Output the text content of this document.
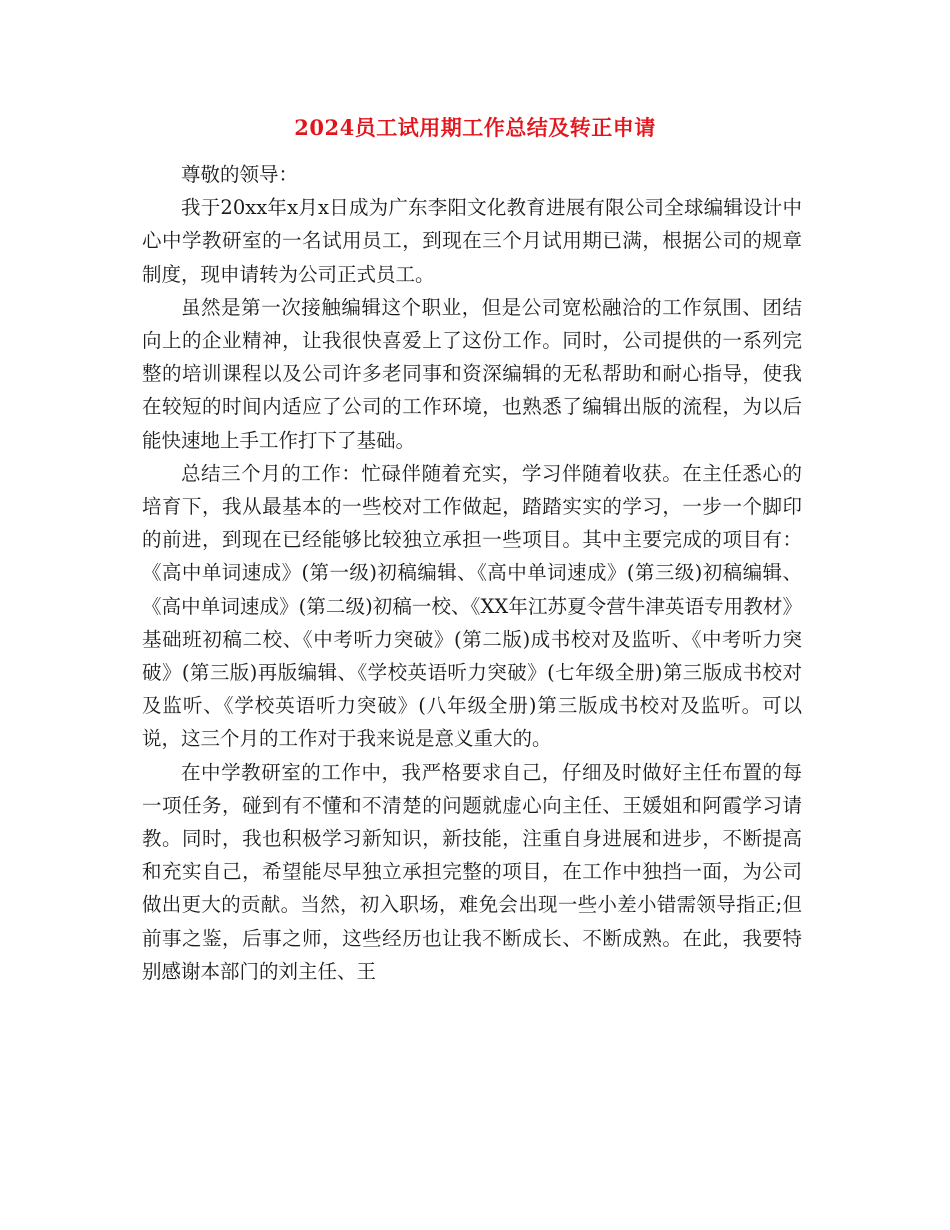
2024员工试用期工作总结及转正申请

尊敬的领导：

我于20xx年x月x日成为广东李阳文化教育进展有限公司全球编辑设计中心中学教研室的一名试用员工，到现在三个月试用期已满，根据公司的规章制度，现申请转为公司正式员工。

虽然是第一次接触编辑这个职业，但是公司宽松融洽的工作氛围、团结向上的企业精神，让我很快喜爱上了这份工作。同时，公司提供的一系列完整的培训课程以及公司许多老同事和资深编辑的无私帮助和耐心指导，使我在较短的时间内适应了公司的工作环境，也熟悉了编辑出版的流程，为以后能快速地上手工作打下了基础。

总结三个月的工作：忙碌伴随着充实，学习伴随着收获。在主任悉心的培育下，我从最基本的一些校对工作做起，踏踏实实的学习，一步一个脚印的前进，到现在已经能够比较独立承担一些项目。其中主要完成的项目有：《高中单词速成》(第一级)初稿编辑、《高中单词速成》(第三级)初稿编辑、《高中单词速成》(第二级)初稿一校、《XX年江苏夏令营牛津英语专用教材》基础班初稿二校、《中考听力突破》(第二版)成书校对及监听、《中考听力突破》(第三版)再版编辑、《学校英语听力突破》(七年级全册)第三版成书校对及监听、《学校英语听力突破》(八年级全册)第三版成书校对及监听。可以说，这三个月的工作对于我来说是意义重大的。

在中学教研室的工作中，我严格要求自己，仔细及时做好主任布置的每一项任务，碰到有不懂和不清楚的问题就虚心向主任、王媛姐和阿霞学习请教。同时，我也积极学习新知识，新技能，注重自身进展和进步，不断提高和充实自己，希望能尽早独立承担完整的项目，在工作中独挡一面，为公司做出更大的贡献。当然，初入职场，难免会出现一些小差小错需领导指正;但前事之鉴，后事之师，这些经历也让我不断成长、不断成熟。在此，我要特别感谢本部门的刘主任、王
